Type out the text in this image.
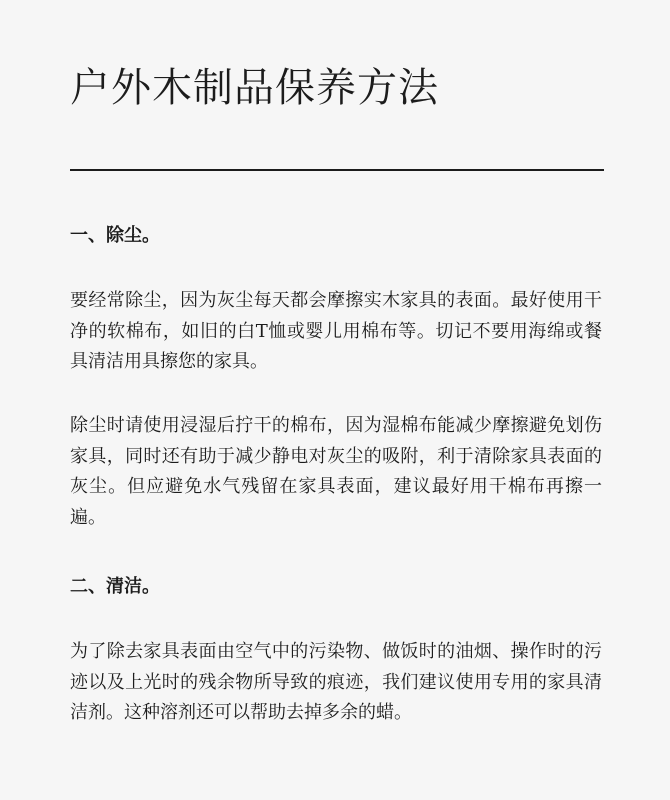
户外木制品保养方法
一、除尘。

要经常除尘，因为灰尘每天都会摩擦实木家具的表面。最好使用干净的软棉布，如旧的白T恤或婴儿用棉布等。切记不要用海绵或餐具清洁用具擦您的家具。

除尘时请使用浸湿后拧干的棉布，因为湿棉布能减少摩擦避免划伤家具，同时还有助于减少静电对灰尘的吸附，利于清除家具表面的灰尘。但应避免水气残留在家具表面，建议最好用干棉布再擦一遍。

二、清洁。

为了除去家具表面由空气中的污染物、做饭时的油烟、操作时的污迹以及上光时的残余物所导致的痕迹，我们建议使用专用的家具清洁剂。这种溶剂还可以帮助去掉多余的蜡。
